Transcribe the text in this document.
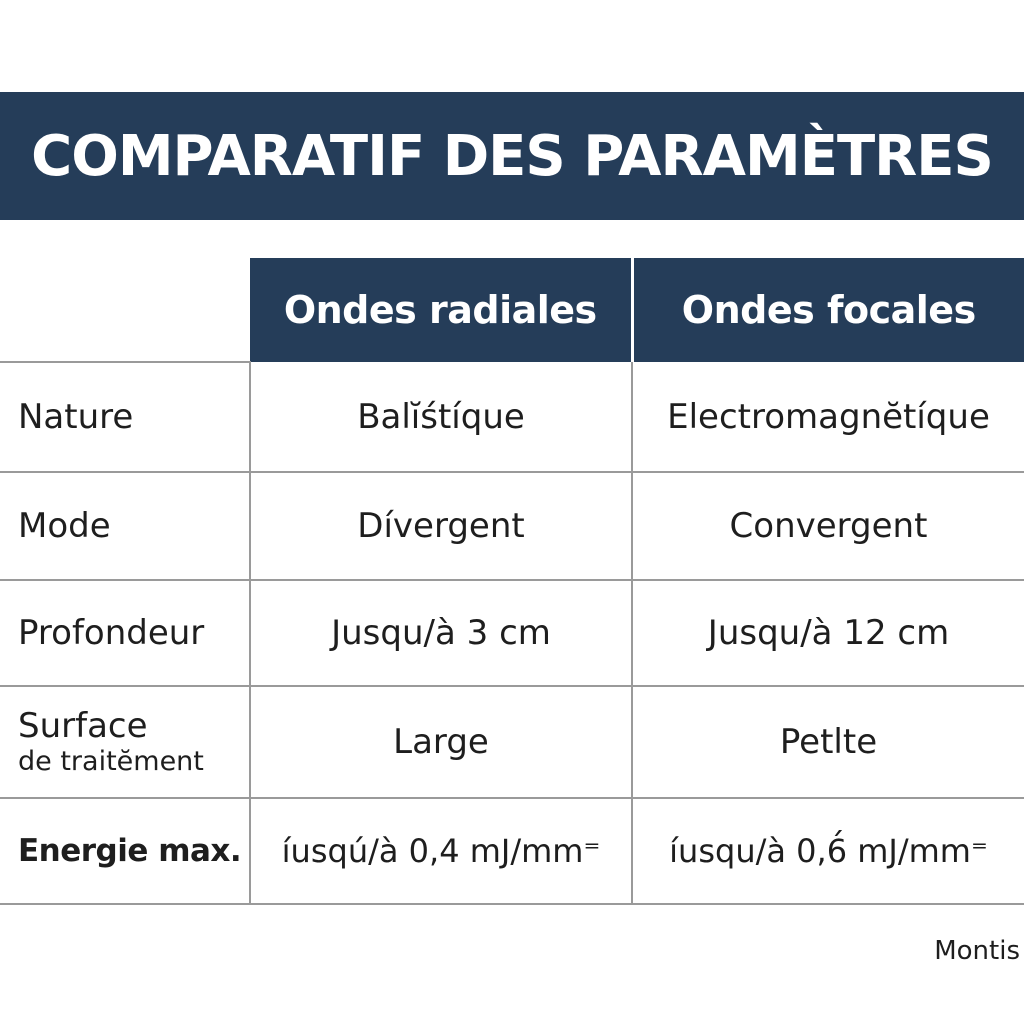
COMPARATIF DES PARAMÈTRES
	Ondes radiales	Ondes focales

Nature	Balĭśtíque	Electromagnĕtíque

Mode	Dívergent	Convergent

Profondeur	Jusqu/à 3 cm	Jusqu/à 12 cm

Surface
de traitĕment	Large	Petlte

Energie max.	íusqú/à 0,4 mJ/mm⁼	íusqu/à 0,6́ mJ/mm⁼
Montis
